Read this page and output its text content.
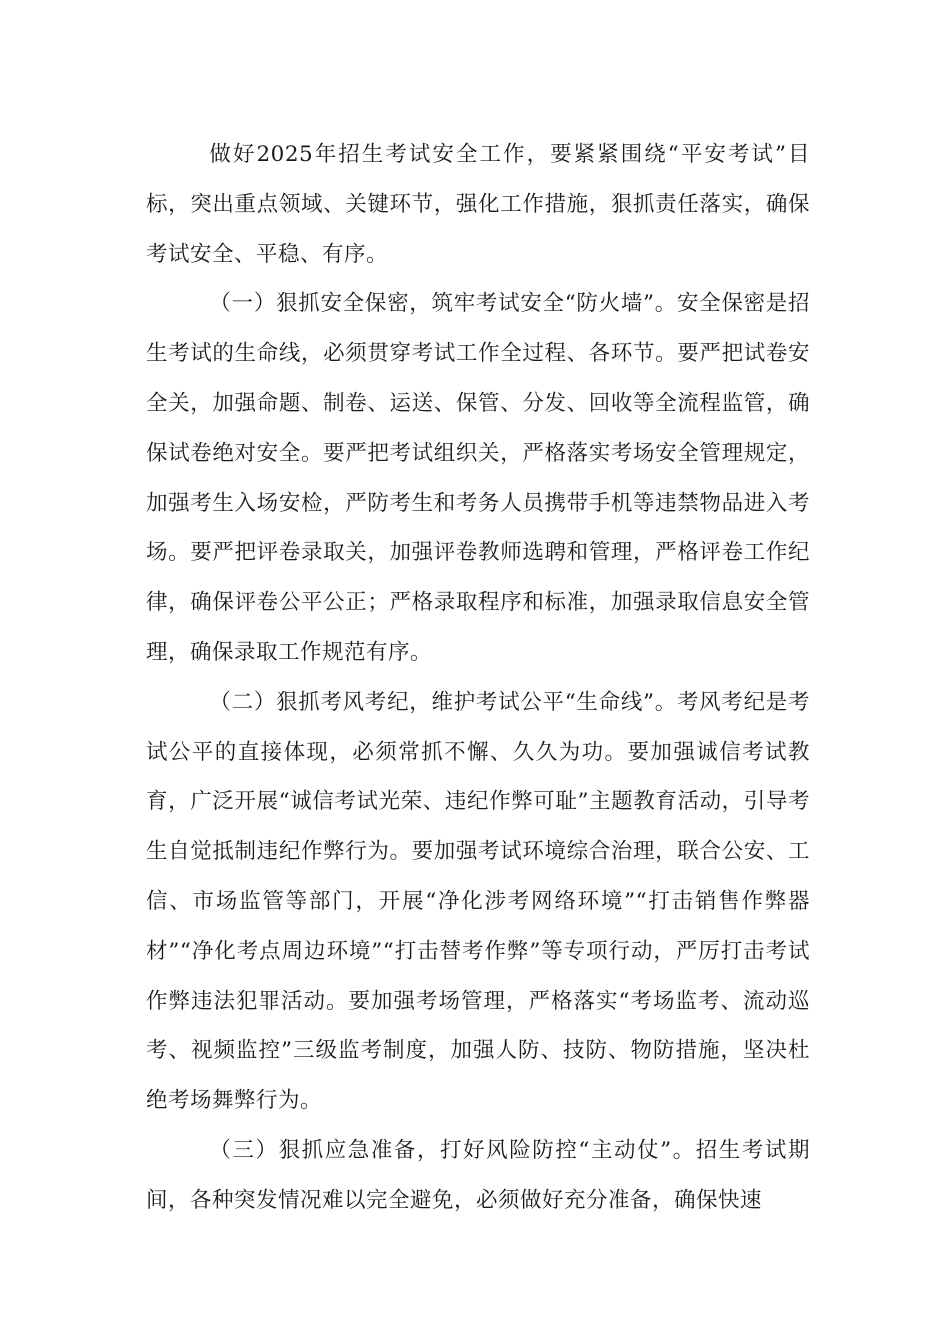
做好2025年招生考试安全工作，要紧紧围绕“平安考试”目标，突出重点领域、关键环节，强化工作措施，狠抓责任落实，确保考试安全、平稳、有序。

（一）狠抓安全保密，筑牢考试安全“防火墙”。安全保密是招生考试的生命线，必须贯穿考试工作全过程、各环节。要严把试卷安全关，加强命题、制卷、运送、保管、分发、回收等全流程监管，确保试卷绝对安全。要严把考试组织关，严格落实考场安全管理规定，加强考生入场安检，严防考生和考务人员携带手机等违禁物品进入考场。要严把评卷录取关，加强评卷教师选聘和管理，严格评卷工作纪律，确保评卷公平公正；严格录取程序和标准，加强录取信息安全管理，确保录取工作规范有序。

（二）狠抓考风考纪，维护考试公平“生命线”。考风考纪是考试公平的直接体现，必须常抓不懈、久久为功。要加强诚信考试教育，广泛开展“诚信考试光荣、违纪作弊可耻”主题教育活动，引导考生自觉抵制违纪作弊行为。要加强考试环境综合治理，联合公安、工信、市场监管等部门，开展“净化涉考网络环境”“打击销售作弊器材”“净化考点周边环境”“打击替考作弊”等专项行动，严厉打击考试作弊违法犯罪活动。要加强考场管理，严格落实“考场监考、流动巡考、视频监控”三级监考制度，加强人防、技防、物防措施，坚决杜绝考场舞弊行为。

（三）狠抓应急准备，打好风险防控“主动仗”。招生考试期间，各种突发情况难以完全避免，必须做好充分准备，确保快速
